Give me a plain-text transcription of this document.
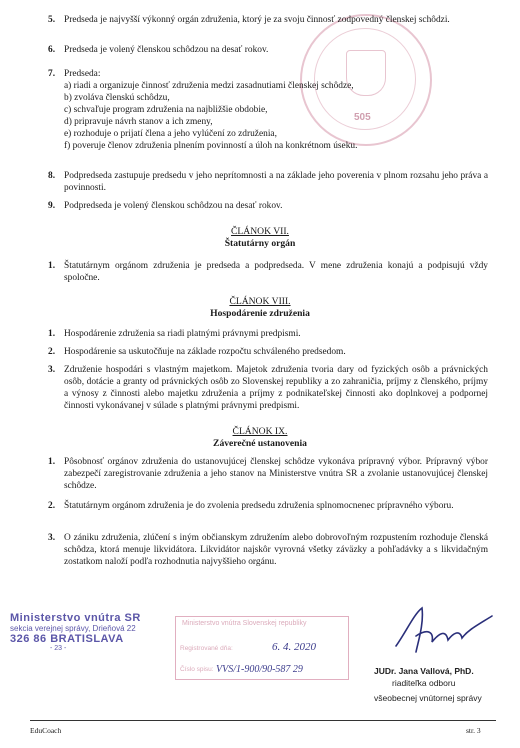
505
5. Predseda je najvyšší výkonný orgán združenia, ktorý je za svoju činnosť zodpovedný členskej schôdzi.
6. Predseda je volený členskou schôdzou na desať rokov.
7. Predseda:
a) riadi a organizuje činnosť združenia medzi zasadnutiami členskej schôdze,
b) zvoláva členskú schôdzu,
c) schvaľuje program združenia na najbližšie obdobie,
d) pripravuje návrh stanov a ich zmeny,
e) rozhoduje o prijatí člena a jeho vylúčení zo združenia,
f) poveruje členov združenia plnením povinností a úloh na konkrétnom úseku.
8. Podpredseda zastupuje predsedu v jeho neprítomnosti a na základe jeho poverenia v plnom rozsahu jeho práva a povinnosti.
9. Podpredseda je volený členskou schôdzou na desať rokov.
ČLÁNOK VII.
Štatutárny orgán
1. Štatutárnym orgánom združenia je predseda a podpredseda. V mene združenia konajú a podpisujú vždy spoločne.
ČLÁNOK VIII.
Hospodárenie združenia
1. Hospodárenie združenia sa riadi platnými právnymi predpismi.
2. Hospodárenie sa uskutočňuje na základe rozpočtu schváleného predsedom.
3. Združenie hospodári s vlastným majetkom. Majetok združenia tvoria dary od fyzických osôb a právnických osôb, dotácie a granty od právnických osôb zo Slovenskej republiky a zo zahraničia, príjmy z členského, príjmy a výnosy z činnosti alebo majetku združenia a príjmy z podnikateľskej činnosti ako doplnkovej a podpornej činnosti vykonávanej v súlade s platnými právnymi predpismi.
ČLÁNOK IX.
Záverečné ustanovenia
1. Pôsobnosť orgánov združenia do ustanovujúcej členskej schôdze vykonáva prípravný výbor. Prípravný výbor zabezpečí zaregistrovanie združenia a jeho stanov na Ministerstve vnútra SR a zvolanie ustanovujúcej členskej schôdze.
2. Štatutárnym orgánom združenia je do zvolenia predsedu združenia splnomocnenec prípravného výboru.
3. O zániku združenia, zlúčení s iným občianskym združením alebo dobrovoľným rozpustením rozhoduje členská schôdza, ktorá menuje likvidátora. Likvidátor najskôr vyrovná všetky záväzky a pohľadávky a s likvidačným zostatkom naloží podľa rozhodnutia najvyššieho orgánu.
Ministerstvo vnútra SR
sekcia verejnej správy, Drieňová 22
326 86 BRATISLAVA
- 23 -
Ministerstvo vnútra Slovenskej republiky
Registrované dňa:
Číslo spisu:
6. 4. 2020
VVS/1-900/90-587 29	JUDr. Jana Vallová, PhD.
riaditeľka odboru
všeobecnej vnútornej správy
EduCoach	str. 3
